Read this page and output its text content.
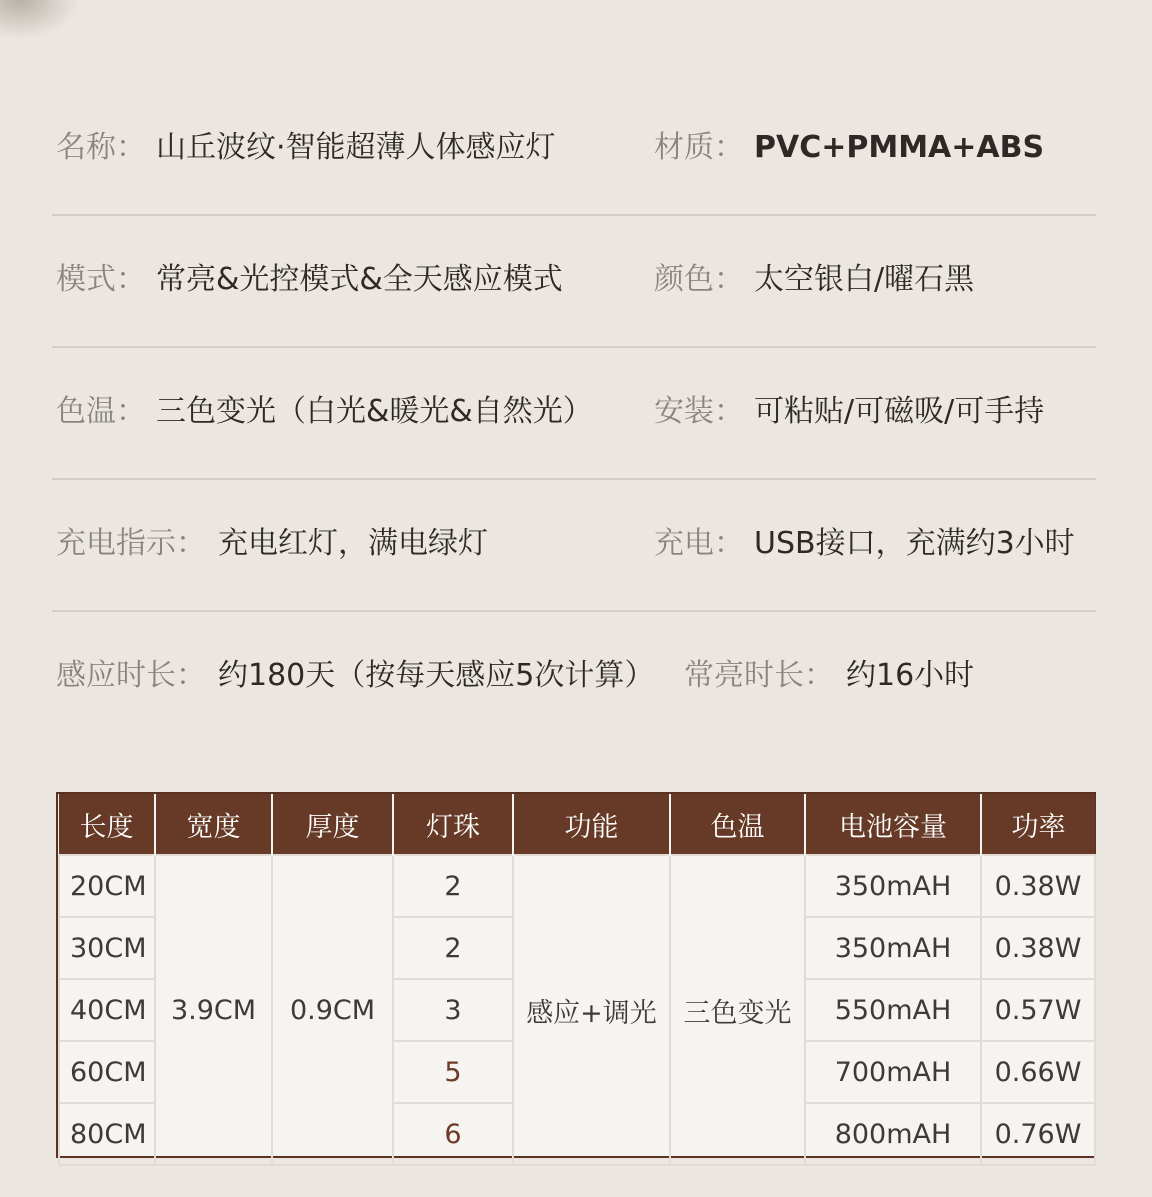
名称： 山丘波纹·智能超薄人体感应灯	材质： PVC+PMMA+ABS
模式： 常亮&光控模式&全天感应模式	颜色： 太空银白/曜石黑
色温： 三色变光（白光&暖光&自然光） 安装： 可粘贴/可磁吸/可手持
充电指示： 充电红灯，满电绿灯	充电： USB接口，充满约3小时
感应时长： 约180天（按每天感应5次计算） 常亮时长： 约16小时
长度	宽度	厚度	灯珠	功能	色温	电池容量	功率
20CM	3.9CM	0.9CM	2	感应+调光	三色变光	350mAH	0.38W
30CM			2			350mAH	0.38W
40CM			3			550mAH	0.57W
60CM			5			700mAH	0.66W
80CM			6			800mAH	0.76W
